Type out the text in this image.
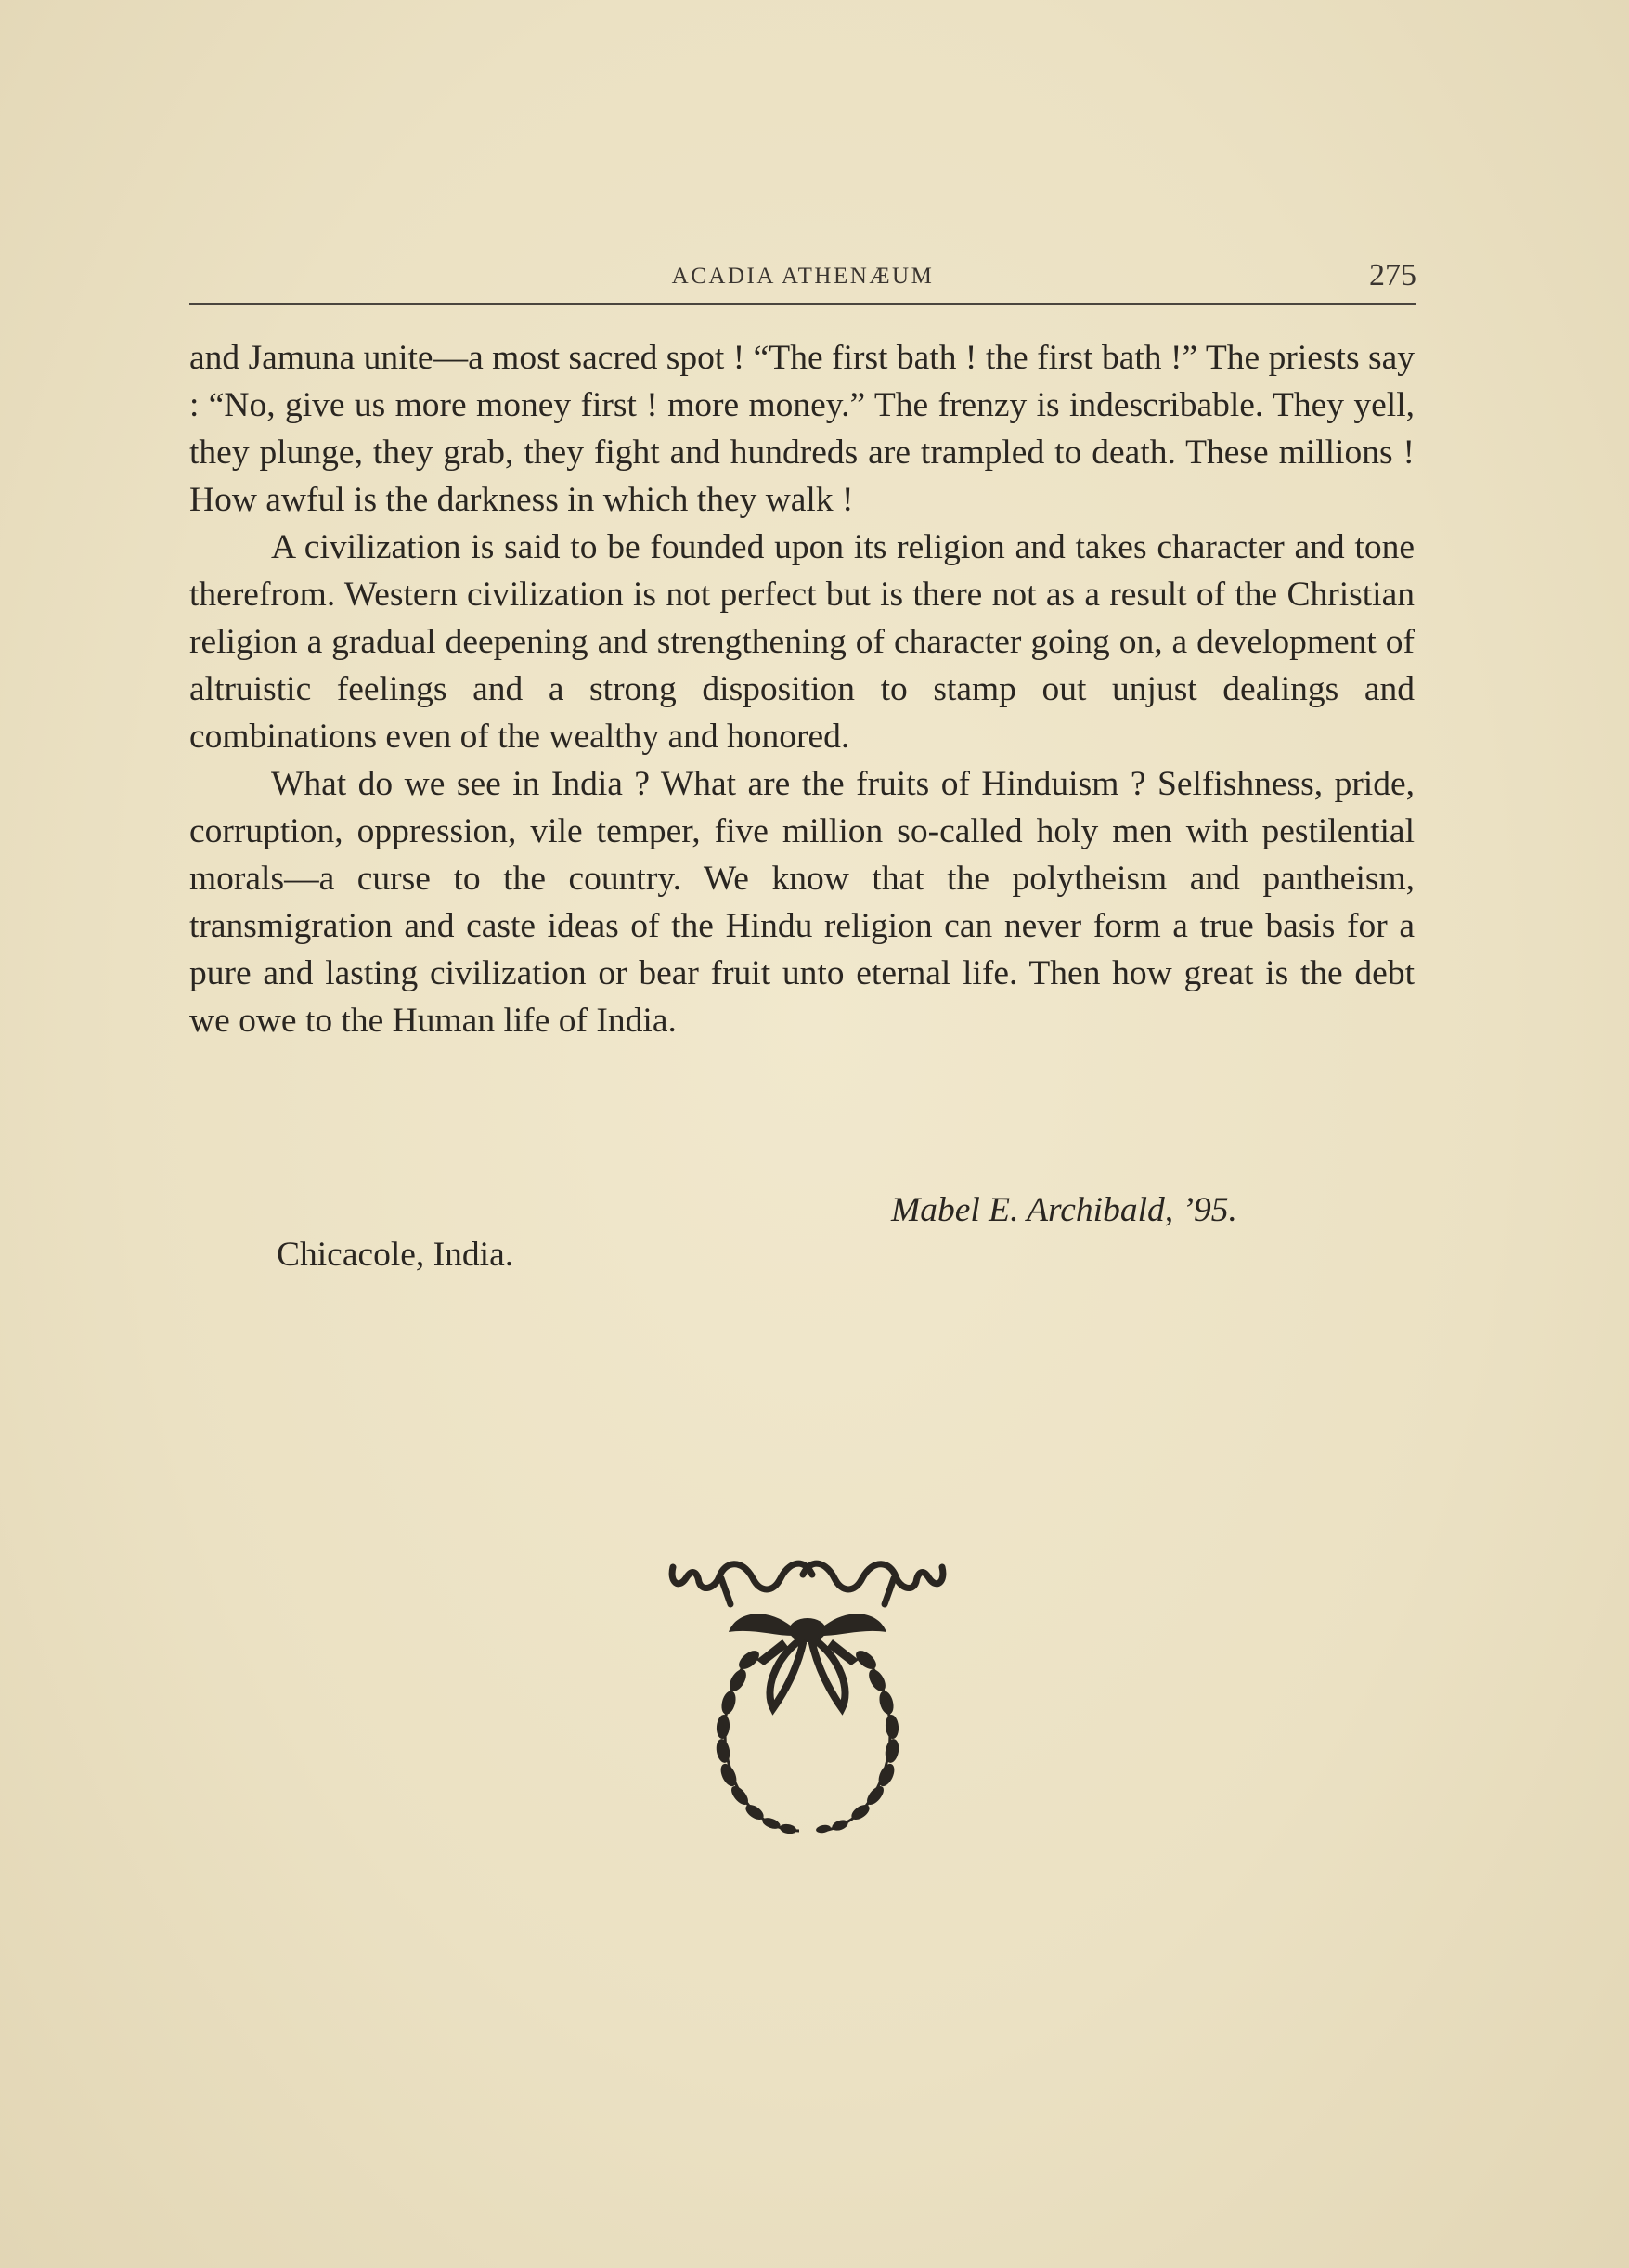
ACADIA ATHENÆUM	275

and Jamuna unite—a most sacred spot ! “The first bath ! the first bath !” The priests say : “No, give us more money first ! more money.” The frenzy is indescribable. They yell, they plunge, they grab, they fight and hundreds are trampled to death. These millions ! How awful is the darkness in which they walk !

A civilization is said to be founded upon its religion and takes character and tone therefrom. Western civilization is not perfect but is there not as a result of the Christian religion a gradual deepening and strengthening of character going on, a development of altruistic feelings and a strong disposition to stamp out unjust dealings and combinations even of the wealthy and honored.

What do we see in India ? What are the fruits of Hinduism ? Selfishness, pride, corruption, oppression, vile temper, five million so-called holy men with pestilential morals—a curse to the country. We know that the polytheism and pantheism, transmigration and caste ideas of the Hindu religion can never form a true basis for a pure and lasting civilization or bear fruit unto eternal life. Then how great is the debt we owe to the Human life of India.

Mabel E. Archibald, ’95.
Chicacole, India.
